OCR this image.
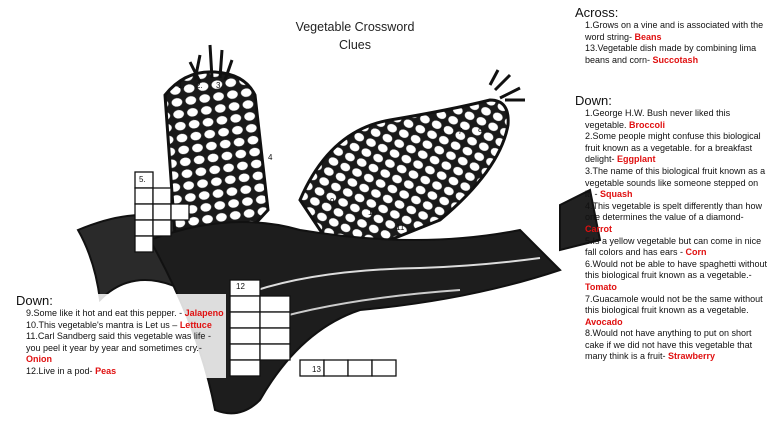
1. 2. 3.
4
5.
6 7 8
9
10
11
12
13
Vegetable Crossword
Clues
Across:
1.Grows on a vine and is associated with the word string- Beans
13.Vegetable dish made by combining lima beans and corn- Succotash
Down:
1.George H.W. Bush never liked this vegetable. Broccoli
2.Some people might confuse this biological fruit known as a vegetable. for a breakfast delight- Eggplant
3.The name of this biological fruit known as a vegetable sounds like someone stepped on it. - Squash
4.This vegetable is spelt differently than how one determines the value of a diamond- Carrot
5.Is a yellow vegetable but can come in nice fall colors and has ears - Corn
6.Would not be able to have spaghetti without this biological fruit known as a vegetable.- Tomato
7.Guacamole would not be the same without this biological fruit known as a vegetable. Avocado
8.Would not have anything to put on short cake if we did not have this vegetable that many think is a fruit- Strawberry
Down:
9.Some like it hot and eat this pepper. - Jalapeno
10.This vegetable's mantra is Let us – Lettuce
11.Carl Sandberg said this vegetable was life - you peel it year by year and sometimes cry.- Onion
12.Live in a pod- Peas
